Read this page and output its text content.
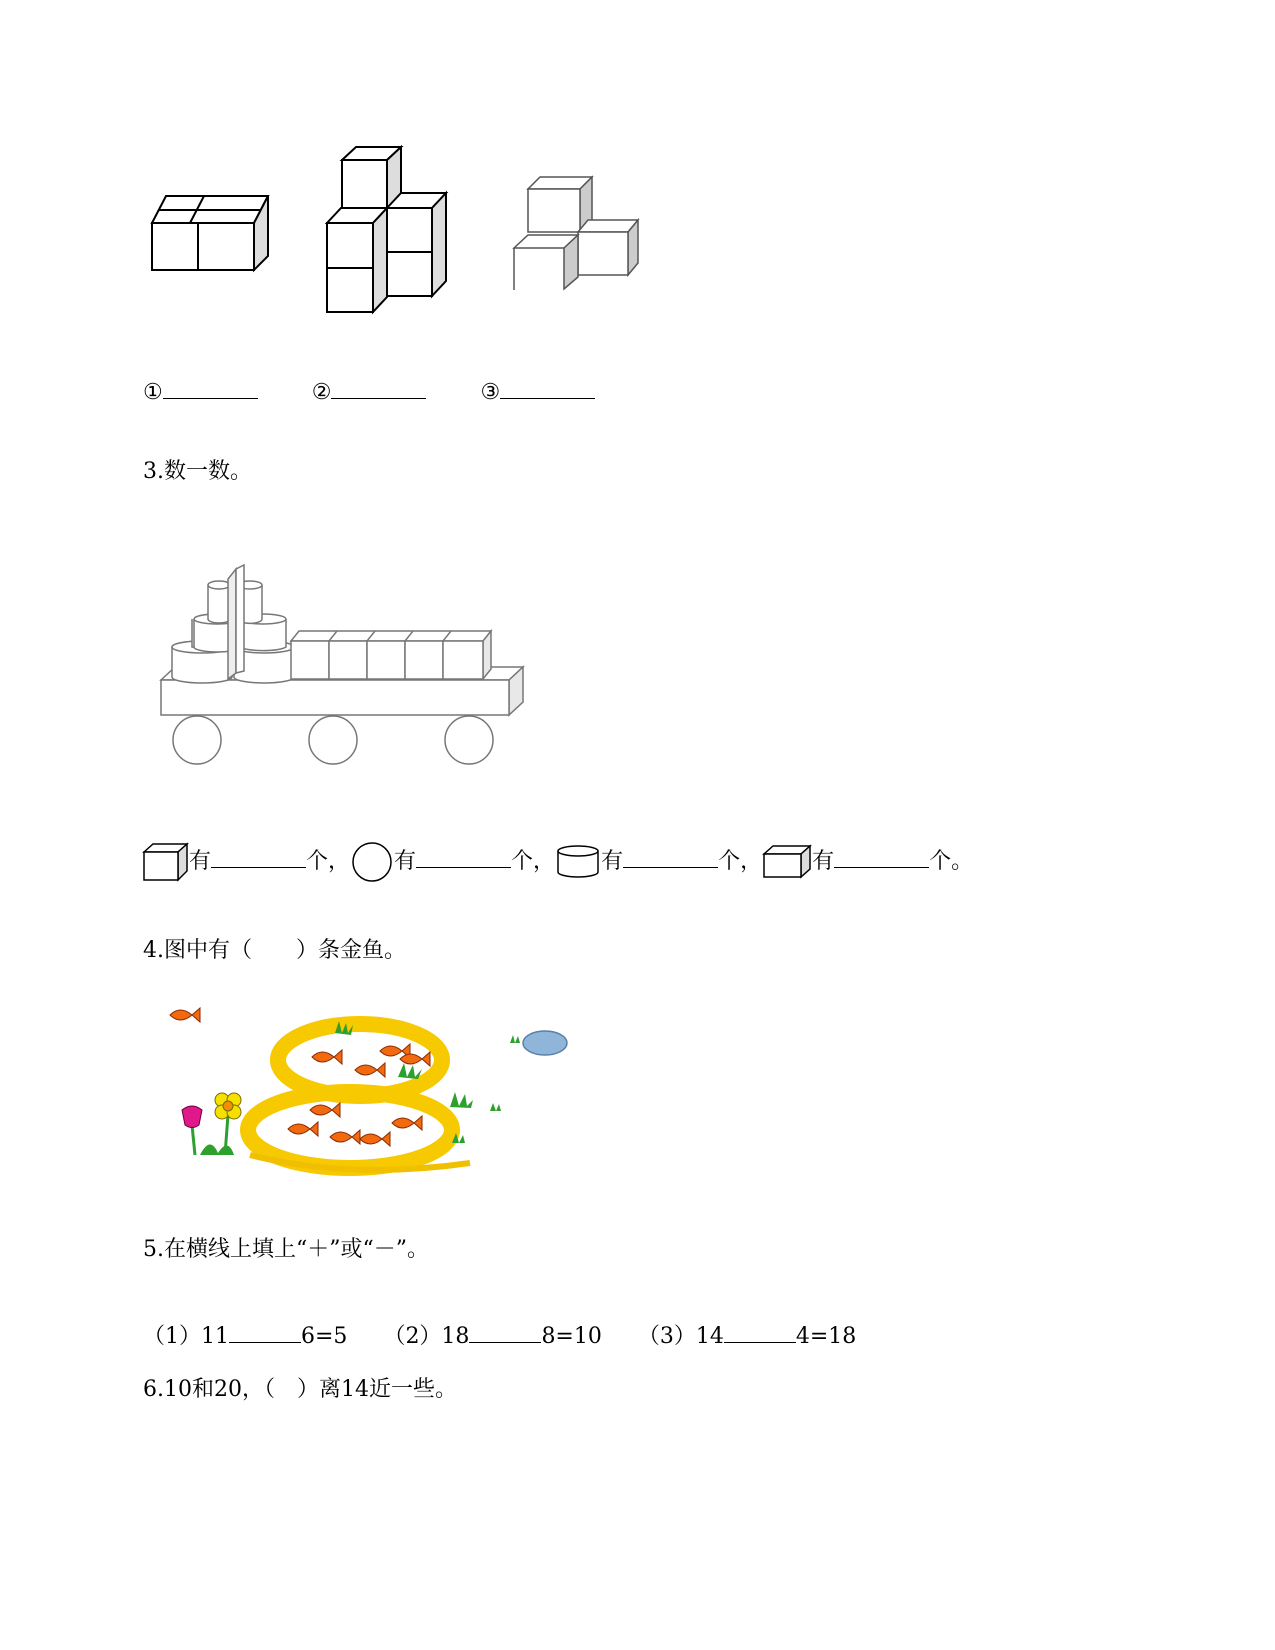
①	②	③
3.数一数。
有	个， 有	个， 有	个， 有	个。
4.图中有（　　）条金鱼。
5.在横线上填上“＋”或“－”。
（1）11	6=5 （2）18	8=10 （3）14	4=18
6.10和20，（　）离14近一些。
